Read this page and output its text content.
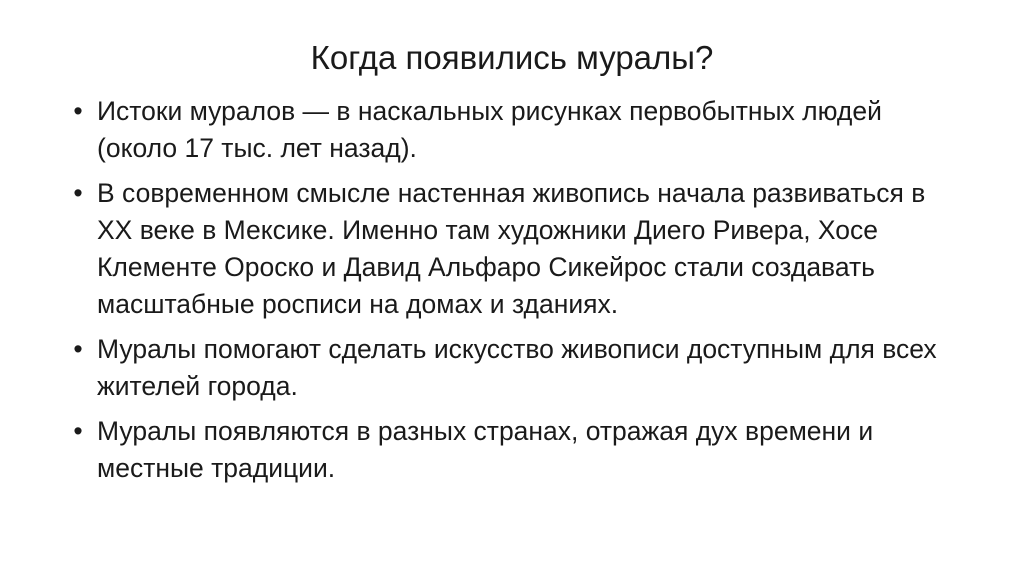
Когда появились муралы?
• Истоки муралов — в наскальных рисунках первобытных людей (около 17 тыс. лет назад).
• В современном смысле настенная живопись начала развиваться в XX веке в Мексике. Именно там художники Диего Ривера, Хосе Клементе Ороско и Давид Альфаро Сикейрос стали создавать масштабные росписи на домах и зданиях.
• Муралы помогают сделать искусство живописи доступным для всех жителей города.
• Муралы появляются в разных странах, отражая дух времени и местные традиции.
